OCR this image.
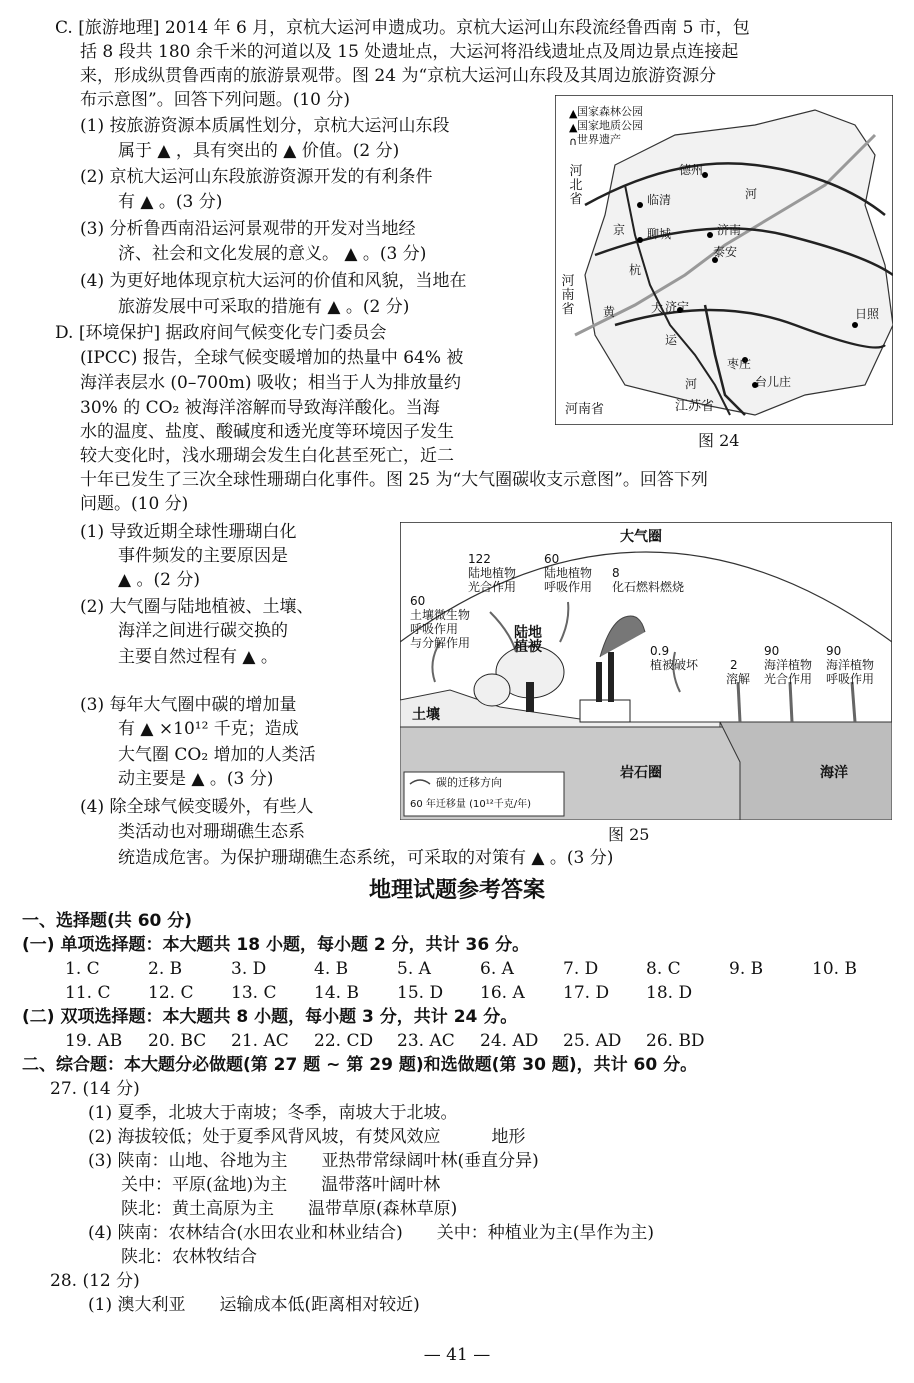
C. [旅游地理] 2014 年 6 月，京杭大运河申遗成功。京杭大运河山东段流经鲁西南 5 市，包
括 8 段共 180 余千米的河道以及 15 处遗址点，大运河将沿线遗址点及周边景点连接起
来，形成纵贯鲁西南的旅游景观带。图 24 为“京杭大运河山东段及其周边旅游资源分
布示意图”。回答下列问题。(10 分)
(1) 按旅游资源本质属性划分，京杭大运河山东段
属于 ▲ ，具有突出的 ▲ 价值。(2 分)
(2) 京杭大运河山东段旅游资源开发的有利条件
有 ▲ 。(3 分)
(3) 分析鲁西南沿运河景观带的开发对当地经
济、社会和文化发展的意义。 ▲ 。(3 分)
(4) 为更好地体现京杭大运河的价值和风貌，当地在
旅游发展中可采取的措施有 ▲ 。(2 分)
▲
▲
∩
国家森林公园
国家地质公园
世界遗产
德州
临清
聊城	济南
泰安
济宁
枣庄
台儿庄
日照
河北省
河南省
河南省	江苏省
京
杭
大
运
河
黄
河
图 24
D. [环境保护] 据政府间气候变化专门委员会
(IPCC) 报告，全球气候变暖增加的热量中 64% 被
海洋表层水 (0–700m) 吸收；相当于人为排放量约
30% 的 CO₂ 被海洋溶解而导致海洋酸化。当海
水的温度、盐度、酸碱度和透光度等环境因子发生
较大变化时，浅水珊瑚会发生白化甚至死亡，近二
十年已发生了三次全球性珊瑚白化事件。图 25 为“大气圈碳收支示意图”。回答下列
问题。(10 分)
(1) 导致近期全球性珊瑚白化
事件频发的主要原因是
▲ 。(2 分)
(2) 大气圈与陆地植被、土壤、
海洋之间进行碳交换的
主要自然过程有 ▲ 。
(3) 每年大气圈中碳的增加量
有 ▲ ×10¹² 千克；造成
大气圈 CO₂ 增加的人类活
动主要是 ▲ 。(3 分)
(4) 除全球气候变暖外，有些人
类活动也对珊瑚礁生态系
统造成危害。为保护珊瑚礁生态系统，可采取的对策有 ▲ 。(3 分)
大气圈
陆地植被
土壤
岩石圈	海洋
122
陆地植物
光合作用
60
陆地植物
呼吸作用
8
化石燃料燃烧
60
土壤微生物
呼吸作用
与分解作用
0.9
植被破坏	2
溶解
90
海洋植物
光合作用
90
海洋植物
呼吸作用
碳的迁移方向
60 年迁移量 (10¹²千克/年)
图 25
地理试题参考答案
一、选择题(共 60 分)
(一) 单项选择题：本大题共 18 小题，每小题 2 分，共计 36 分。
1. C	2. B	3. D	4. B	5. A	6. A	7. D	8. C	9. B	10. B
11. C 12. C 13. C 14. B 15. D 16. A 17. D 18. D
(二) 双项选择题：本大题共 8 小题，每小题 3 分，共计 24 分。
19. AB 20. BC 21. AC 22. CD 23. AC 24. AD 25. AD 26. BD
二、综合题：本大题分必做题(第 27 题 ~ 第 29 题)和选做题(第 30 题)，共计 60 分。
27. (14 分)
(1) 夏季，北坡大于南坡；冬季，南坡大于北坡。
(2) 海拔较低；处于夏季风背风坡，有焚风效应　　　地形
(3) 陕南：山地、谷地为主　　亚热带常绿阔叶林(垂直分异)
关中：平原(盆地)为主　　温带落叶阔叶林
陕北：黄土高原为主　　温带草原(森林草原)
(4) 陕南：农林结合(水田农业和林业结合)　　关中：种植业为主(旱作为主)
陕北：农林牧结合
28. (12 分)
(1) 澳大利亚　　运输成本低(距离相对较近)
— 41 —
